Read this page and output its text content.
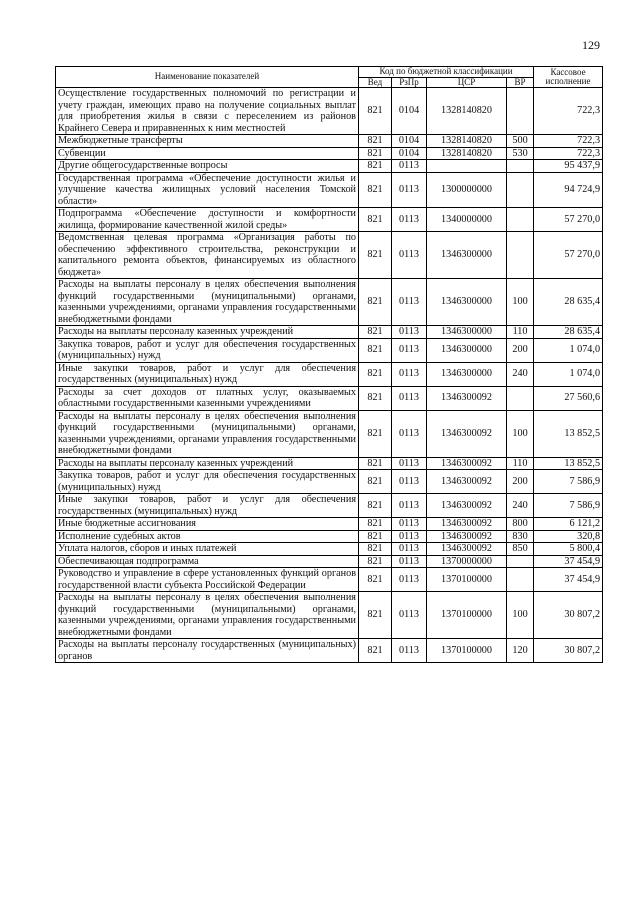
129
Наименование показателей	Код по бюджетной классификации				Кассовое исполнение
	Вед	РзПр	ЦСР	ВР	
Осуществление государственных полномочий по регистрации и учету граждан, имеющих право на получение социальных выплат для приобретения жилья в связи с переселением из районов Крайнего Севера и приравненных к ним местностей	821	0104	1328140820		722,3
Межбюджетные трансферты	821	0104	1328140820	500	722,3
Субвенции	821	0104	1328140820	530	722,3
Другие общегосударственные вопросы	821	0113			95 437,9
Государственная программа «Обеспечение доступности жилья и улучшение качества жилищных условий населения Томской области»	821	0113	1300000000		94 724,9
Подпрограмма «Обеспечение доступности и комфортности жилища, формирование качественной жилой среды»	821	0113	1340000000		57 270,0
Ведомственная целевая программа «Организация работы по обеспечению эффективного строительства, реконструкции и капитального ремонта объектов, финансируемых из областного бюджета»	821	0113	1346300000		57 270,0
Расходы на выплаты персоналу в целях обеспечения выполнения функций государственными (муниципальными) органами, казенными учреждениями, органами управления государственными внебюджетными фондами	821	0113	1346300000	100	28 635,4
Расходы на выплаты персоналу казенных учреждений	821	0113	1346300000	110	28 635,4
Закупка товаров, работ и услуг для обеспечения государственных (муниципальных) нужд	821	0113	1346300000	200	1 074,0
Иные закупки товаров, работ и услуг для обеспечения государственных (муниципальных) нужд	821	0113	1346300000	240	1 074,0
Расходы за счет доходов от платных услуг, оказываемых областными государственными казенными учреждениями	821	0113	1346300092		27 560,6
Расходы на выплаты персоналу в целях обеспечения выполнения функций государственными (муниципальными) органами, казенными учреждениями, органами управления государственными внебюджетными фондами	821	0113	1346300092	100	13 852,5
Расходы на выплаты персоналу казенных учреждений	821	0113	1346300092	110	13 852,5
Закупка товаров, работ и услуг для обеспечения государственных (муниципальных) нужд	821	0113	1346300092	200	7 586,9
Иные закупки товаров, работ и услуг для обеспечения государственных (муниципальных) нужд	821	0113	1346300092	240	7 586,9
Иные бюджетные ассигнования	821	0113	1346300092	800	6 121,2
Исполнение судебных актов	821	0113	1346300092	830	320,8
Уплата налогов, сборов и иных платежей	821	0113	1346300092	850	5 800,4
Обеспечивающая подпрограмма	821	0113	1370000000		37 454,9
Руководство и управление в сфере установленных функций органов государственной власти субъекта Российской Федерации	821	0113	1370100000		37 454,9
Расходы на выплаты персоналу в целях обеспечения выполнения функций государственными (муниципальными) органами, казенными учреждениями, органами управления государственными внебюджетными фондами	821	0113	1370100000	100	30 807,2
Расходы на выплаты персоналу государственных (муниципальных) органов	821	0113	1370100000	120	30 807,2
